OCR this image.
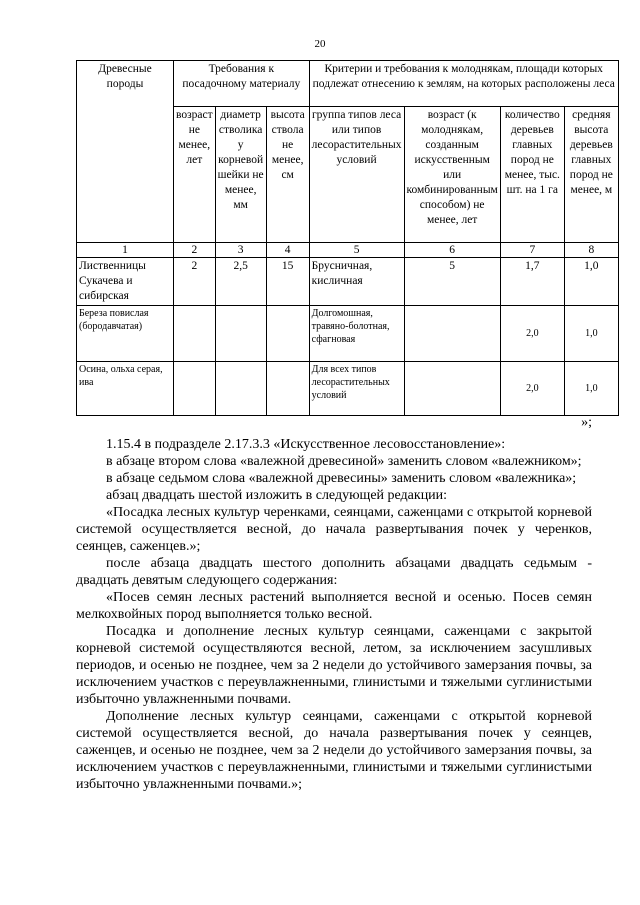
20
Древесные породы	Требования к посадочному материалу			Критерии и требования к молоднякам, площади которых подлежат отнесению к землям, на которых расположены леса			
	возраст не менее, лет	диаметр стволика у корневой шейки не менее, мм	высота ствола не менее, см	группа типов леса или типов лесорастительных условий	возраст (к молоднякам, созданным искусственным или комбинированным способом) не менее, лет	количество деревьев главных пород не менее, тыс. шт. на 1 га	средняя высота деревьев главных пород не менее, м
1	2	3	4	5	6	7	8
Лиственницы Сукачева и сибирская	2	2,5	15	Брусничная, кисличная	5	1,7	1,0
Береза повислая (бородавчатая)				Долгомошная, травяно-болотная, сфагновая		2,0	1,0
Осина, ольха серая, ива				Для всех типов лесорастительных условий		2,0	1,0
»;

1.15.4 в подразделе 2.17.3.3 «Искусственное лесовосстановление»:

в абзаце втором слова «валежной древесиной» заменить словом «валежником»;

в абзаце седьмом слова «валежной древесины» заменить словом «валежника»;

абзац двадцать шестой изложить в следующей редакции:

«Посадка лесных культур черенками, сеянцами, саженцами с открытой корневой системой осуществляется весной, до начала развертывания почек у черенков, сеянцев, саженцев.»;

после абзаца двадцать шестого дополнить абзацами двадцать седьмым - двадцать девятым следующего содержания:

«Посев семян лесных растений выполняется весной и осенью. Посев семян мелкохвойных пород выполняется только весной.

Посадка и дополнение лесных культур сеянцами, саженцами с закрытой корневой системой осуществляются весной, летом, за исключением засушливых периодов, и осенью не позднее, чем за 2 недели до устойчивого замерзания почвы, за исключением участков с переувлажненными, глинистыми и тяжелыми суглинистыми избыточно увлажненными почвами.

Дополнение лесных культур сеянцами, саженцами с открытой корневой системой осуществляется весной, до начала развертывания почек у сеянцев, саженцев, и осенью не позднее, чем за 2 недели до устойчивого замерзания почвы, за исключением участков с переувлажненными, глинистыми и тяжелыми суглинистыми избыточно увлажненными почвами.»;
